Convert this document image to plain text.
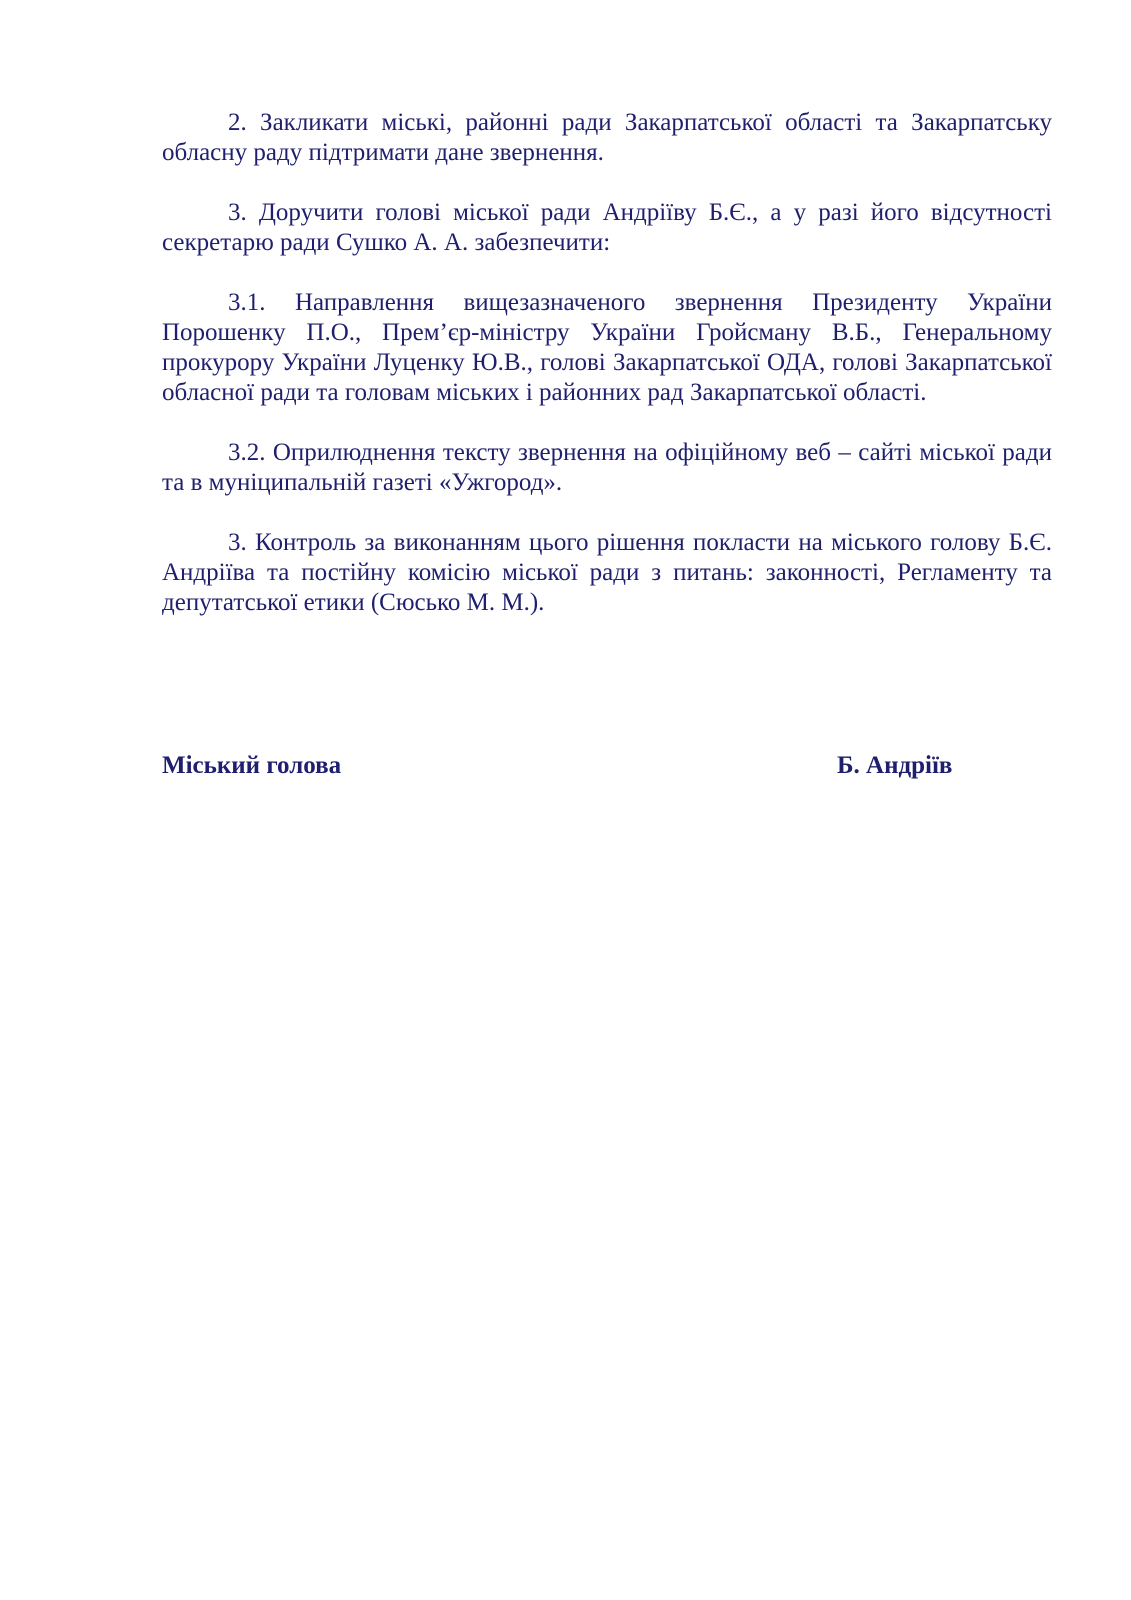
2. Закликати міські, районні ради Закарпатської області та Закарпатську обласну раду підтримати дане звернення.

3. Доручити голові міської ради Андріїву Б.Є., а у разі його відсутності секретарю ради Сушко А. А. забезпечити:

3.1. Направлення вищезазначеного звернення Президенту України Порошенку П.О., Прем’єр-міністру України Гройсману В.Б., Генеральному прокурору України Луценку Ю.В., голові Закарпатської ОДА, голові Закарпатської обласної ради та головам міських і районних рад Закарпатської області.

3.2. Оприлюднення тексту звернення на офіційному веб – сайті міської ради та в муніципальній газеті «Ужгород».

3. Контроль за виконанням цього рішення покласти на міського голову Б.Є. Андріїва та постійну комісію міської ради з питань: законності, Регламенту та депутатської етики (Сюсько М. М.).

Міський голова	Б. Андріїв
